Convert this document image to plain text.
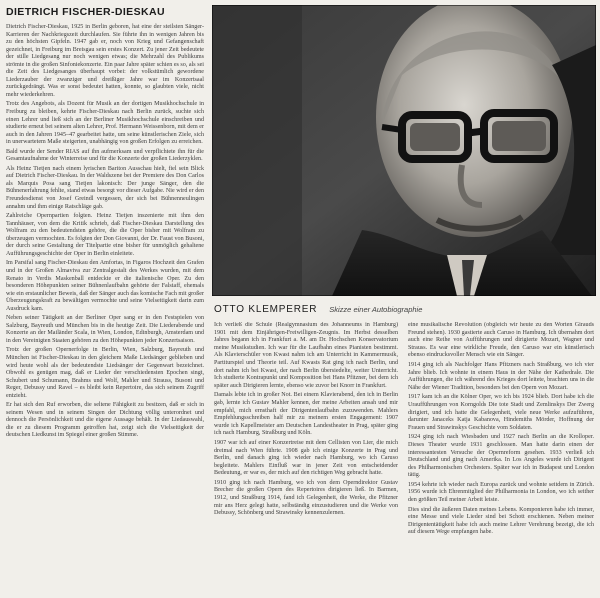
DIETRICH FISCHER-DIESKAU

Dietrich Fischer-Dieskau, 1925 in Berlin geboren, hat eine der steilsten Sänger-Karrieren der Nachkriegszeit durchlaufen. Sie führte ihn in wenigen Jahren bis zu den höchsten Gipfeln. 1947 gab er, noch von Krieg und Gefangenschaft gezeichnet, in Freiburg im Breisgau sein erstes Konzert. Zu jener Zeit bedeutete der stille Liedgesang nur noch wenigen etwas; die Mehrzahl des Publikums strömte in die großen Sinfoniekonzerte. Ein paar Jahre später schien es so, als sei die Zeit des Liedgesanges überhaupt vorbei: der volkstümlich gewordene Liederzauber der zwanziger und dreißiger Jahre war im Konzertsaal zurückgedrängt. Was er sonst bedeutet hatten, konnte, so glaubten viele, nicht mehr wiederkehren.

Trotz des Angebots, als Dozent für Musik an der dortigen Musikhochschule in Freiburg zu bleiben, kehrte Fischer-Dieskau nach Berlin zurück, suchte sich einen Lehrer und ließ sich an der Berliner Musikhochschule einschreiben und studierte erneut bei seinem alten Lehrer, Prof. Hermann Weissenborn, mit dem er auch in den Jahren 1945–47 gearbeitet hatte, um seine künstlerischen Ziele, sich in unerwartetem Maße steigerten, unabhängig von großen Erfolgen zu erreichen.

Bald wurde der Sender RIAS auf ihn aufmerksam und verpflichtete ihn für die Gesamtaufnahme der Winterreise und für die Konzerte der großen Liederzyklen.

Als Heinz Tietjen nach einem lyrischen Bariton Ausschau hielt, fiel sein Blick auf Dietrich Fischer-Dieskau. In der Waldszene bei der Premiere des Don Carlos als Marquis Posa sang Tietjen lakonisch: Der junge Sänger, den die Bühnenerfahrung fehlte, stand etwas besorgt vor dieser Aufgabe. Nie wird er den Freundesdienst von Josef Greindl vergessen, der sich bei Bühnenneulingen annahm und ihm einige Ratschläge gab.

Zahlreiche Opernpartien folgten. Heinz Tietjen inszenierte mit ihm den Tannhäuser, von dem die Kritik schrieb, daß Fischer-Dieskau Darstellung des Wolfram zu den bedeutendsten gehöre, die die Oper bisher mit Wolfram zu überzeugen vermochten. Es folgten der Don Giovanni, der Dr. Faust von Busoni, der durch seine Gestaltung der Titelpartie eine bisher für unmöglich gehaltene Aufführungsgeschichte der Oper in Berlin einleitete.

Im Parsifal sang Fischer-Dieskau den Amfortas, in Figaros Hochzeit den Grafen und in der Großen Almaviva zur Zentralgestalt des Werkes wurden, mit dem Renato in Verdis Maskenball entdeckte er die italienische Oper. Zu den besonderen Höhepunkten seiner Bühnenlaufbahn gehörte der Falstaff, ehemals wie ein erstaunlicher Beweis, daß der Sänger auch das komische Fach mit großer Überzeugungskraft zu bewältigen vermochte und seine Vielseitigkeit darin zum Ausdruck kam.

Neben seiner Tätigkeit an der Berliner Oper sang er in den Festspielen von Salzburg, Bayreuth und München bis in die heutige Zeit. Die Liederabende und Konzerte an der Mailänder Scala, in Wien, London, Edinburgh, Amsterdam und in den Vereinigten Staaten gehören zu den Höhepunkten jeder Konzertsaison.

Trotz der großen Opernerfolge in Berlin, Wien, Salzburg, Bayreuth und München ist Fischer-Dieskau in den gleichem Maße Liedsänger geblieben und wird heute wohl als der bedeutendste Liedsänger der Gegenwart bezeichnet. Obwohl es genügen mag, daß er Lieder der verschiedensten Epochen singt, Schubert und Schumann, Brahms und Wolf, Mahler und Strauss, Busoni und Reger, Debussy und Ravel – es bleibt kein Repertoire, das sich seinem Zugriff entzieht.

Er hat sich den Ruf erworben, die seltene Fähigkeit zu besitzen, daß er sich in seinem Wesen und in seinem Singen der Dichtung völlig unterordnet und dennoch die Persönlichkeit und die eigene Aussage behält. In der Liedauswahl, die er zu diesem Programm getroffen hat, zeigt sich die Vielseitigkeit der deutschen Liedkunst im Spiegel einer großen Stimme.

OTTO KLEMPERER Skizze einer Autobiographie

Ich verließ die Schule (Realgymnasium des Johanneums in Hamburg) 1901 mit dem Einjährigen-Freiwilligen-Zeugnis. Im Herbst desselben Jahres begann ich in Frankfurt a. M. am Dr. Hochschen Konservatorium meine Musikstudien. Ich war für die Laufbahn eines Pianisten bestimmt. Als Klavierschüler von Kwast nahm ich am Unterricht in Kammermusik, Partiturspiel und Theorie teil. Auf Kwasts Rat ging ich nach Berlin, und dort nahm ich bei Kwast, der nach Berlin übersiedelte, weiter Unterricht. Ich studierte Kontrapunkt und Komposition bei Hans Pfitzner, bei dem ich später auch Dirigieren lernte, ebenso wie zuvor bei Knorr in Frankfurt.

Damals lebte ich in großer Not. Bei einem Klavierabend, den ich in Berlin gab, lernte ich Gustav Mahler kennen, der meine Arbeiten ansah und mir empfahl, mich ernsthaft der Dirigentenlaufbahn zuzuwenden. Mahlers Empfehlungsschreiben half mir zu meinem ersten Engagement: 1907 wurde ich Kapellmeister am Deutschen Landestheater in Prag, später ging ich nach Hamburg, Straßburg und Köln.

1907 war ich auf einer Konzertreise mit dem Cellisten von Lier, die mich dreimal nach Wien führte. 1908 gab ich einige Konzerte in Prag und Berlin, und danach ging ich wieder nach Hamburg, wo ich Caruso begleitete. Mahlers Einfluß war in jener Zeit von entscheidender Bedeutung, er war es, der mich auf den richtigen Weg gebracht hatte.

1910 ging ich nach Hamburg, wo ich von dem Operndirektor Gustav Brecher die großen Opern des Repertoires dirigieren ließ. In Barmen, 1912, und Straßburg 1914, fand ich Gelegenheit, die Werke, die Pfitzner mir ans Herz gelegt hatte, selbständig einzustudieren und die Werke von Debussy, Schönberg und Strawinsky kennenzulernen.

eine musikalische Revolution (obgleich wir heute zu den Worten Girauds Freund stehen). 1930 gastierte auch Caruso in Hamburg. Ich übernahm dort auch eine Reihe von Aufführungen und dirigierte Mozart, Wagner und Strauss. Es war eine wirkliche Freude, den Caruso war ein künstlerisch ebenso eindrucksvoller Mensch wie ein Sänger.

1914 ging ich als Nachfolger Hans Pfitzners nach Straßburg, wo ich vier Jahre blieb. Ich wohnte in einem Haus in der Nähe der Kathedrale. Die Aufführungen, die ich während des Krieges dort leitete, brachten uns in die Nähe der Wiener Tradition, besonders bei den Opern von Mozart.

1917 kam ich an die Kölner Oper, wo ich bis 1924 blieb. Dort habe ich die Uraufführungen von Korngolds Die tote Stadt und Zemlinskys Der Zwerg dirigiert, und ich hatte die Gelegenheit, viele neue Werke aufzuführen, darunter Janaceks Katja Kabanova, Hindemiths Mörder, Hoffnung der Frauen und Strawinskys Geschichte vom Soldaten.

1924 ging ich nach Wiesbaden und 1927 nach Berlin an die Krolloper. Dieses Theater wurde 1931 geschlossen. Man hatte darin einen der interessantesten Versuche der Opernreform gesehen. 1933 verließ ich Deutschland und ging nach Amerika. In Los Angeles wurde ich Dirigent des Philharmonischen Orchesters. Später war ich in Budapest und London tätig.

1954 kehrte ich wieder nach Europa zurück und wohnte seitdem in Zürich. 1956 wurde ich Ehrenmitglied der Philharmonia in London, wo ich seither den größten Teil meiner Arbeit leiste.

Dies sind die äußeren Daten meines Lebens. Komponieren habe ich immer, eine Messe und viele Lieder sind bei Schott erschienen. Neben meiner Dirigententätigkeit habe ich auch meine Lehrer Verehrung bezeigt, die ich auf diesem Wege empfangen habe.
